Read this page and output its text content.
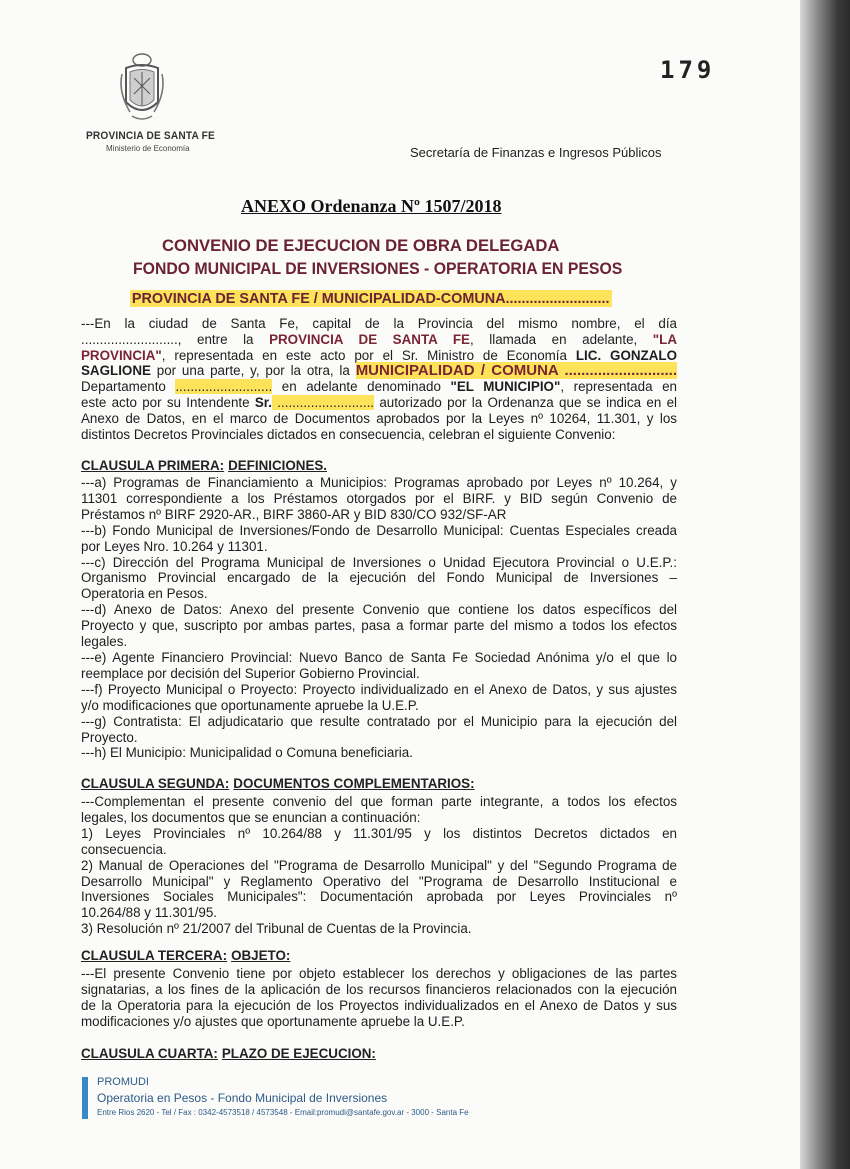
179
PROVINCIA DE SANTA FE
Ministerio de Economía	Secretaría de Finanzas e Ingresos Públicos
ANEXO Ordenanza Nº 1507/2018
CONVENIO DE EJECUCION DE OBRA DELEGADA
FONDO MUNICIPAL DE INVERSIONES - OPERATORIA EN PESOS
PROVINCIA DE SANTA FE / MUNICIPALIDAD-COMUNA..........................
---En la ciudad de Santa Fe, capital de la Provincia del mismo nombre, el día
.........................., entre la PROVINCIA DE SANTA FE, llamada en adelante, "LA
PROVINCIA", representada en este acto por el Sr. Ministro de Economía LIC. GONZALO
SAGLIONE por una parte, y, por la otra, la MUNICIPALIDAD / COMUNA ...........................
Departamento .......................... en adelante denominado "EL MUNICIPIO", representada en
este acto por su Intendente Sr. .......................... autorizado por la Ordenanza que se indica en el
Anexo de Datos, en el marco de Documentos aprobados por la Leyes nº 10264, 11.301, y los
distintos Decretos Provinciales dictados en consecuencia, celebran el siguiente Convenio:
CLAUSULA PRIMERA: DEFINICIONES.
---a) Programas de Financiamiento a Municipios: Programas aprobado por Leyes nº 10.264, y
11301 correspondiente a los Préstamos otorgados por el BIRF. y BID según Convenio de
Préstamos nº BIRF 2920-AR., BIRF 3860-AR y BID 830/CO 932/SF-AR
---b) Fondo Municipal de Inversiones/Fondo de Desarrollo Municipal: Cuentas Especiales creada
por Leyes Nro. 10.264 y 11301.
---c) Dirección del Programa Municipal de Inversiones o Unidad Ejecutora Provincial o U.E.P.:
Organismo Provincial encargado de la ejecución del Fondo Municipal de Inversiones –
Operatoria en Pesos.
---d) Anexo de Datos: Anexo del presente Convenio que contiene los datos específicos del
Proyecto y que, suscripto por ambas partes, pasa a formar parte del mismo a todos los efectos
legales.
---e) Agente Financiero Provincial: Nuevo Banco de Santa Fe Sociedad Anónima y/o el que lo
reemplace por decisión del Superior Gobierno Provincial.
---f) Proyecto Municipal o Proyecto: Proyecto individualizado en el Anexo de Datos, y sus ajustes
y/o modificaciones que oportunamente apruebe la U.E.P.
---g) Contratista: El adjudicatario que resulte contratado por el Municipio para la ejecución del
Proyecto.
---h) El Municipio: Municipalidad o Comuna beneficiaria.
CLAUSULA SEGUNDA: DOCUMENTOS COMPLEMENTARIOS:
---Complementan el presente convenio del que forman parte integrante, a todos los efectos
legales, los documentos que se enuncian a continuación:
1) Leyes Provinciales nº 10.264/88 y 11.301/95 y los distintos Decretos dictados en
consecuencia.
2) Manual de Operaciones del "Programa de Desarrollo Municipal" y del "Segundo Programa de
Desarrollo Municipal" y Reglamento Operativo del "Programa de Desarrollo Institucional e
Inversiones Sociales Municipales": Documentación aprobada por Leyes Provinciales nº
10.264/88 y 11.301/95.
3) Resolución nº 21/2007 del Tribunal de Cuentas de la Provincia.
CLAUSULA TERCERA: OBJETO:
---El presente Convenio tiene por objeto establecer los derechos y obligaciones de las partes
signatarias, a los fines de la aplicación de los recursos financieros relacionados con la ejecución
de la Operatoria para la ejecución de los Proyectos individualizados en el Anexo de Datos y sus
modificaciones y/o ajustes que oportunamente apruebe la U.E.P.
CLAUSULA CUARTA: PLAZO DE EJECUCION:
PROMUDI
Operatoria en Pesos - Fondo Municipal de Inversiones
Entre Rios 2620 - Tel / Fax : 0342-4573518 / 4573548 - Email:promudi@santafe.gov.ar - 3000 - Santa Fe
